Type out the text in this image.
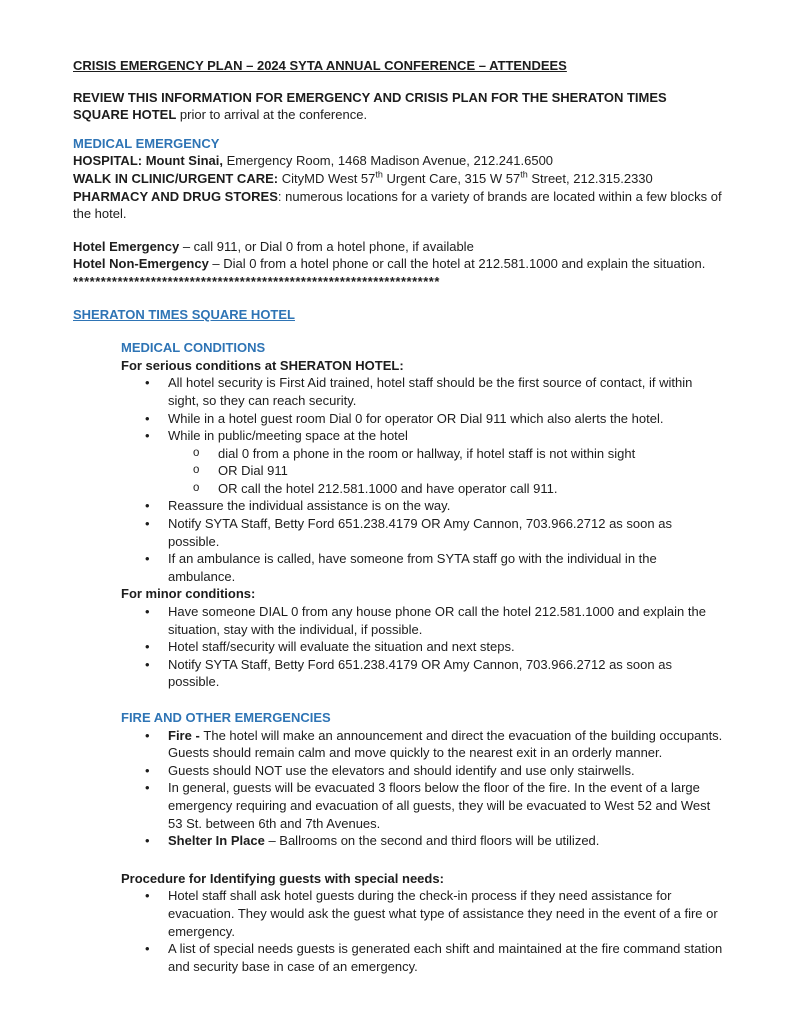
CRISIS EMERGENCY PLAN – 2024 SYTA ANNUAL CONFERENCE – ATTENDEES

REVIEW THIS INFORMATION FOR EMERGENCY AND CRISIS PLAN FOR THE SHERATON TIMES SQUARE HOTEL prior to arrival at the conference.

MEDICAL EMERGENCY

HOSPITAL: Mount Sinai, Emergency Room, 1468 Madison Avenue, 212.241.6500

WALK IN CLINIC/URGENT CARE: CityMD West 57th Urgent Care, 315 W 57th Street, 212.315.2330

PHARMACY AND DRUG STORES: numerous locations for a variety of brands are located within a few blocks of the hotel.

Hotel Emergency – call 911, or Dial 0 from a hotel phone, if available

Hotel Non-Emergency – Dial 0 from a hotel phone or call the hotel at 212.581.1000 and explain the situation.

******************************************************************

SHERATON TIMES SQUARE HOTEL

MEDICAL CONDITIONS

For serious conditions at SHERATON HOTEL:

•	All hotel security is First Aid trained, hotel staff should be the first source of contact, if within sight, so they can reach security.
•	While in a hotel guest room Dial 0 for operator OR Dial 911 which also alerts the hotel.
•	While in public/meeting space at the hotel
o	dial 0 from a phone in the room or hallway, if hotel staff is not within sight
o	OR Dial 911
o	OR call the hotel 212.581.1000 and have operator call 911.
•	Reassure the individual assistance is on the way.
•	Notify SYTA Staff, Betty Ford 651.238.4179 OR Amy Cannon, 703.966.2712 as soon as possible.
•	If an ambulance is called, have someone from SYTA staff go with the individual in the ambulance.

For minor conditions:

•	Have someone DIAL 0 from any house phone OR call the hotel 212.581.1000 and explain the situation, stay with the individual, if possible.
•	Hotel staff/security will evaluate the situation and next steps.
•	Notify SYTA Staff, Betty Ford 651.238.4179 OR Amy Cannon, 703.966.2712 as soon as possible.

FIRE AND OTHER EMERGENCIES

•	Fire - The hotel will make an announcement and direct the evacuation of the building occupants. Guests should remain calm and move quickly to the nearest exit in an orderly manner.
•	Guests should NOT use the elevators and should identify and use only stairwells.
•	In general, guests will be evacuated 3 floors below the floor of the fire. In the event of a large emergency requiring and evacuation of all guests, they will be evacuated to West 52 and West 53 St. between 6th and 7th Avenues.
•	Shelter In Place – Ballrooms on the second and third floors will be utilized.

Procedure for Identifying guests with special needs:

•	Hotel staff shall ask hotel guests during the check-in process if they need assistance for evacuation. They would ask the guest what type of assistance they need in the event of a fire or emergency.
•	A list of special needs guests is generated each shift and maintained at the fire command station and security base in case of an emergency.
